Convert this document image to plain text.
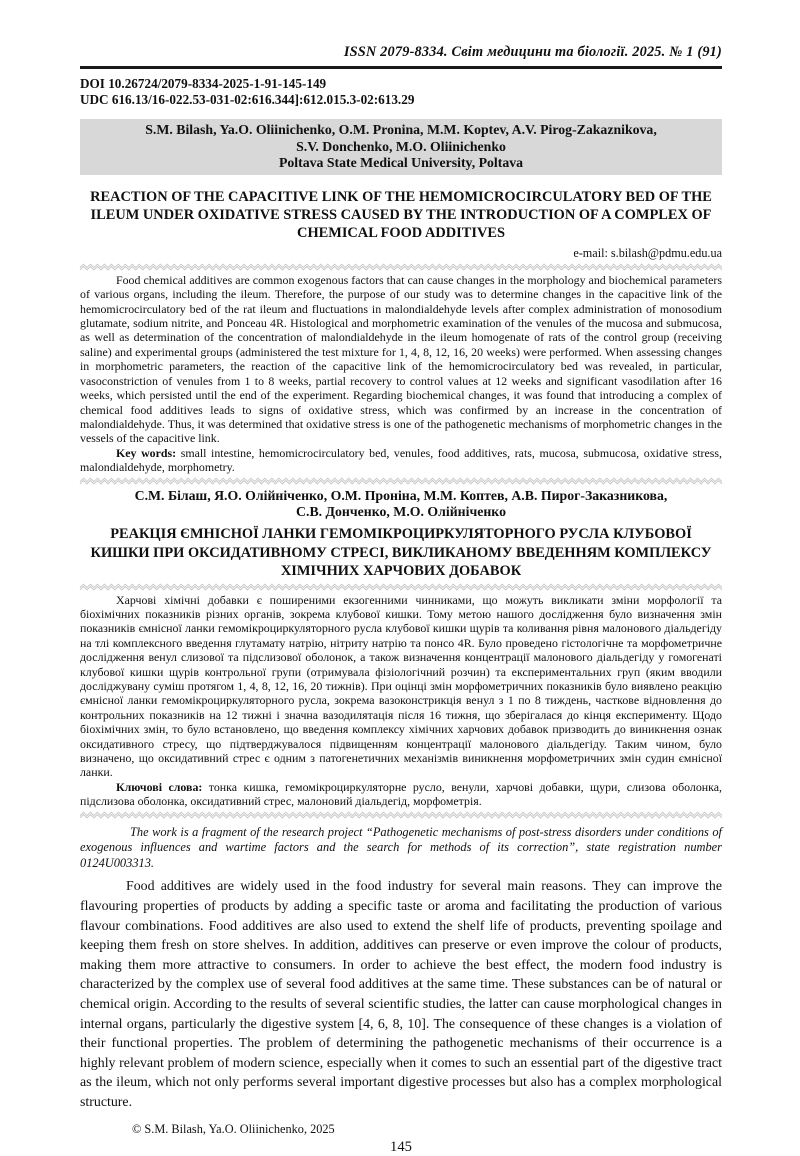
ISSN 2079-8334. Світ медицини та біології. 2025. № 1 (91)
DOI 10.26724/2079-8334-2025-1-91-145-149
UDC 616.13/16-022.53-031-02:616.344]:612.015.3-02:613.29
S.M. Bilash, Ya.O. Oliinichenko, O.M. Pronina, M.M. Koptev, A.V. Pirog-Zakaznikova,
S.V. Donchenko, M.O. Oliinichenko
Poltava State Medical University, Poltava
REACTION OF THE CAPACITIVE LINK OF THE HEMOMICROCIRCULATORY BED OF THE ILEUM UNDER OXIDATIVE STRESS CAUSED BY THE INTRODUCTION OF A COMPLEX OF CHEMICAL FOOD ADDITIVES
e-mail: s.bilash@pdmu.edu.ua

Food chemical additives are common exogenous factors that can cause changes in the morphology and biochemical parameters of various organs, including the ileum. Therefore, the purpose of our study was to determine changes in the capacitive link of the hemomicrocirculatory bed of the rat ileum and fluctuations in malondialdehyde levels after complex administration of monosodium glutamate, sodium nitrite, and Ponceau 4R. Histological and morphometric examination of the venules of the mucosa and submucosa, as well as determination of the concentration of malondialdehyde in the ileum homogenate of rats of the control group (receiving saline) and experimental groups (administered the test mixture for 1, 4, 8, 12, 16, 20 weeks) were performed. When assessing changes in morphometric parameters, the reaction of the capacitive link of the hemomicrocirculatory bed was revealed, in particular, vasoconstriction of venules from 1 to 8 weeks, partial recovery to control values at 12 weeks and significant vasodilation after 16 weeks, which persisted until the end of the experiment. Regarding biochemical changes, it was found that introducing a complex of chemical food additives leads to signs of oxidative stress, which was confirmed by an increase in the concentration of malondialdehyde. Thus, it was determined that oxidative stress is one of the pathogenetic mechanisms of morphometric changes in the vessels of the capacitive link.

Key words: small intestine, hemomicrocirculatory bed, venules, food additives, rats, mucosa, submucosa, oxidative stress, malondialdehyde, morphometry.

С.М. Білаш, Я.О. Олійніченко, О.М. Проніна, М.М. Коптев, А.В. Пирог-Заказникова,
С.В. Донченко, М.О. Олійніченко
РЕАКЦІЯ ЄМНІСНОЇ ЛАНКИ ГЕМОМІКРОЦИРКУЛЯТОРНОГО РУСЛА КЛУБОВОЇ КИШКИ ПРИ ОКСИДАТИВНОМУ СТРЕСІ, ВИКЛИКАНОМУ ВВЕДЕННЯМ КОМПЛЕКСУ ХІМІЧНИХ ХАРЧОВИХ ДОБАВОК

Харчові хімічні добавки є поширеними екзогенними чинниками, що можуть викликати зміни морфології та біохімічних показників різних органів, зокрема клубової кишки. Тому метою нашого дослідження було визначення змін показників ємнісної ланки гемомікроциркуляторного русла клубової кишки щурів та коливання рівня малонового діальдегіду на тлі комплексного введення глутамату натрію, нітриту натрію та понсо 4R. Було проведено гістологічне та морфометричне дослідження венул слизової та підслизової оболонок, а також визначення концентрації малонового діальдегіду у гомогенаті клубової кишки щурів контрольної групи (отримувала фізіологічний розчин) та експериментальних груп (яким вводили досліджувану суміш протягом 1, 4, 8, 12, 16, 20 тижнів). При оцінці змін морфометричних показників було виявлено реакцію ємнісної ланки гемомікроциркуляторного русла, зокрема вазоконстрикція венул з 1 по 8 тиждень, часткове відновлення до контрольних показників на 12 тижні і значна вазодилятація після 16 тижня, що зберігалася до кінця експерименту. Щодо біохімічних змін, то було встановлено, що введення комплексу хімічних харчових добавок призводить до виникнення ознак оксидативного стресу, що підтверджувалося підвищенням концентрації малонового діальдегіду. Таким чином, було визначено, що оксидативний стрес є одним з патогенетичних механізмів виникнення морфометричних змін судин ємнісної ланки.

Ключові слова: тонка кишка, гемомікроциркуляторне русло, венули, харчові добавки, щури, слизова оболонка, підслизова оболонка, оксидативний стрес, малоновий діальдегід, морфометрія.

The work is a fragment of the research project “Pathogenetic mechanisms of post-stress disorders under conditions of exogenous influences and wartime factors and the search for methods of its correction”, state registration number 0124U003313.
Food additives are widely used in the food industry for several main reasons. They can improve the flavouring properties of products by adding a specific taste or aroma and facilitating the production of various flavour combinations. Food additives are also used to extend the shelf life of products, preventing spoilage and keeping them fresh on store shelves. In addition, additives can preserve or even improve the colour of products, making them more attractive to consumers. In order to achieve the best effect, the modern food industry is characterized by the complex use of several food additives at the same time. These substances can be of natural or chemical origin. According to the results of several scientific studies, the latter can cause morphological changes in internal organs, particularly the digestive system [4, 6, 8, 10]. The consequence of these changes is a violation of their functional properties. The problem of determining the pathogenetic mechanisms of their occurrence is a highly relevant problem of modern science, especially when it comes to such an essential part of the digestive tract as the ileum, which not only performs several important digestive processes but also has a complex morphological structure.
© S.M. Bilash, Ya.O. Oliinichenko, 2025
145
